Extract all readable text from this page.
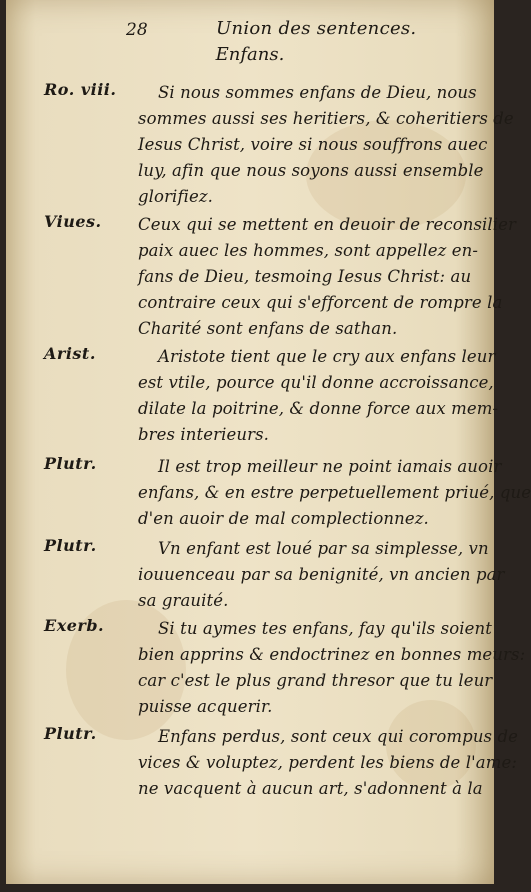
28	Union des sentences.
Enfans.
Ro. viii.	Si nous sommes enfans de Dieu, nous
sommes aussi ses heritiers, & coheritiers de
Iesus Christ, voire si nous souffrons auec
luy, afin que nous soyons aussi ensemble
glorifiez.
Viues. Ceux qui se mettent en deuoir de reconsilier
paix auec les hommes, sont appellez en-
fans de Dieu, tesmoing Iesus Christ: au
contraire ceux qui s'efforcent de rompre la
Charité sont enfans de sathan.
Arist.	Aristote tient que le cry aux enfans leur
est vtile, pource qu'il donne accroissance,
dilate la poitrine, & donne force aux mem-
bres interieurs.
Plutr.	Il est trop meilleur ne point iamais auoir
enfans, & en estre perpetuellement priué, que
d'en auoir de mal complectionnez.
Plutr.	Vn enfant est loué par sa simplesse, vn
iouuenceau par sa benignité, vn ancien par
sa grauité.
Exerb.	Si tu aymes tes enfans, fay qu'ils soient
bien apprins & endoctrinez en bonnes meurs:
car c'est le plus grand thresor que tu leur
puisse acquerir.
Plutr.	Enfans perdus, sont ceux qui corompus de
vices & voluptez, perdent les biens de l'ame:
ne vacquent à aucun art, s'adonnent à la
